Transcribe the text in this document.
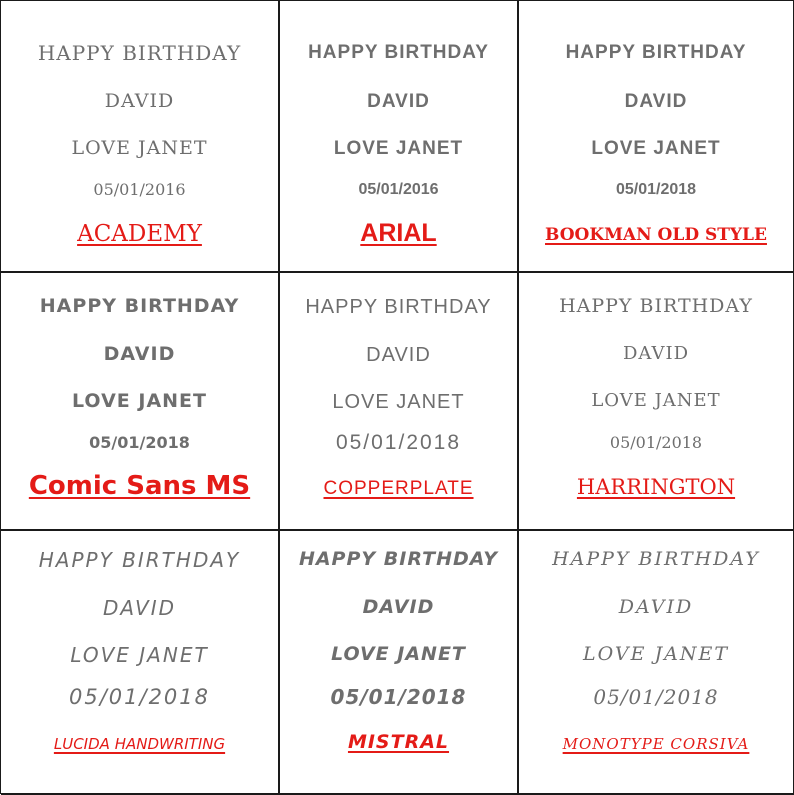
HAPPY BIRTHDAY
DAVID
LOVE JANET
05/01/2016
ACADEMY
HAPPY BIRTHDAY
DAVID
LOVE JANET
05/01/2016
ARIAL
HAPPY BIRTHDAY
DAVID
LOVE JANET
05/01/2018
BOOKMAN OLD STYLE
HAPPY BIRTHDAY
DAVID
LOVE JANET
05/01/2018
Comic Sans MS
HAPPY BIRTHDAY
DAVID
LOVE JANET
05/01/2018
COPPERPLATE
HAPPY BIRTHDAY
DAVID
LOVE JANET
05/01/2018
HARRINGTON
HAPPY BIRTHDAY
DAVID
LOVE JANET
05/01/2018
LUCIDA HANDWRITING
HAPPY BIRTHDAY
DAVID
LOVE JANET
05/01/2018
MISTRAL
HAPPY BIRTHDAY
DAVID
LOVE JANET
05/01/2018
MONOTYPE CORSIVA
